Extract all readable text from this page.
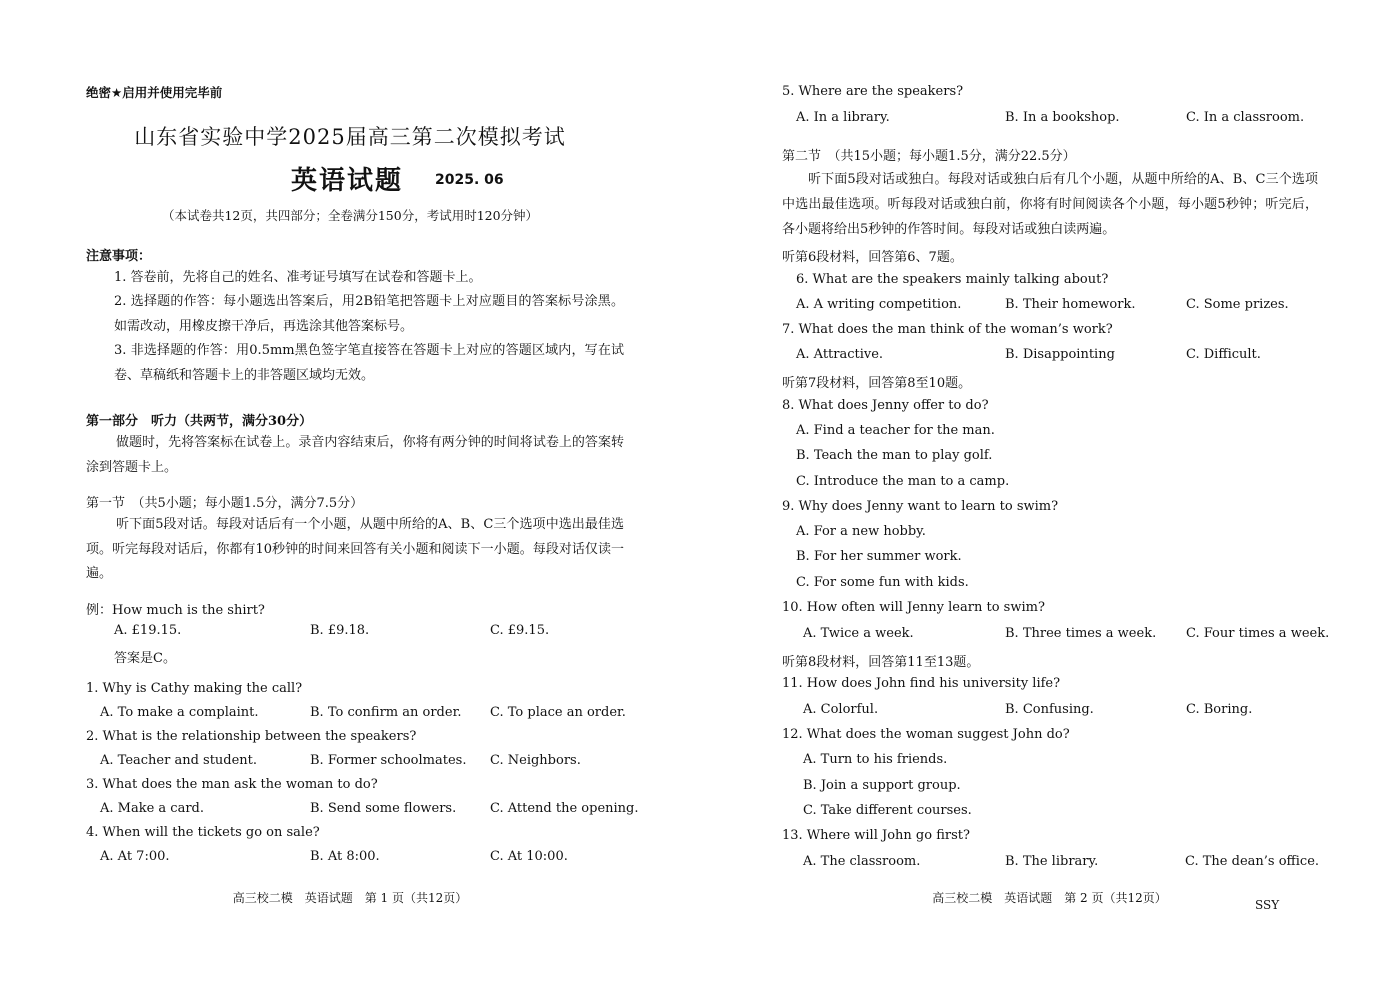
绝密★启用并使用完毕前
山东省实验中学2025届高三第二次模拟考试
英语试题 2025. 06
（本试卷共12页，共四部分；全卷满分150分，考试用时120分钟）
注意事项：
1. 答卷前，先将自己的姓名、准考证号填写在试卷和答题卡上。
2. 选择题的作答：每小题选出答案后，用2B铅笔把答题卡上对应题目的答案标号涂黑。如需改动，用橡皮擦干净后，再选涂其他答案标号。
3. 非选择题的作答：用0.5mm黑色签字笔直接答在答题卡上对应的答题区域内，写在试卷、草稿纸和答题卡上的非答题区域均无效。
第一部分　听力（共两节，满分30分）
做题时，先将答案标在试卷上。录音内容结束后，你将有两分钟的时间将试卷上的答案转涂到答题卡上。
第一节　（共5小题；每小题1.5分，满分7.5分）
听下面5段对话。每段对话后有一个小题，从题中所给的A、B、C三个选项中选出最佳选项。听完每段对话后，你都有10秒钟的时间来回答有关小题和阅读下一小题。每段对话仅读一遍。
例：How much is the shirt?
A. £19.15.	B. £9.18.	C. £9.15.
答案是C。
1. Why is Cathy making the call?
A. To make a complaint.	B. To confirm an order. C. To place an order.
2. What is the relationship between the speakers?
A. Teacher and student.	B. Former schoolmates. C. Neighbors.
3. What does the man ask the woman to do?
A. Make a card.	B. Send some flowers.	C. Attend the opening.
4. When will the tickets go on sale?
A. At 7:00.	B. At 8:00.	C. At 10:00.
高三校二模　英语试题　第 1 页（共12页）
5. Where are the speakers?
A. In a library.	B. In a bookshop.	C. In a classroom.
第二节　（共15小题；每小题1.5分，满分22.5分）
听下面5段对话或独白。每段对话或独白后有几个小题，从题中所给的A、B、C三个选项中选出最佳选项。听每段对话或独白前，你将有时间阅读各个小题，每小题5秒钟；听完后，各小题将给出5秒钟的作答时间。每段对话或独白读两遍。
听第6段材料，回答第6、7题。
6. What are the speakers mainly talking about?
A. A writing competition.	B. Their homework.	C. Some prizes.
7. What does the man think of the woman’s work?
A. Attractive.	B. Disappointing	C. Difficult.
听第7段材料，回答第8至10题。
8. What does Jenny offer to do?
A. Find a teacher for the man.
B. Teach the man to play golf.
C. Introduce the man to a camp.
9. Why does Jenny want to learn to swim?
A. For a new hobby.
B. For her summer work.
C. For some fun with kids.
10. How often will Jenny learn to swim?
A. Twice a week.	B. Three times a week. C. Four times a week.
听第8段材料，回答第11至13题。
11. How does John find his university life?
A. Colorful.	B. Confusing.	C. Boring.
12. What does the woman suggest John do?
A. Turn to his friends.
B. Join a support group.
C. Take different courses.
13. Where will John go first?
A. The classroom.	B. The library.	C. The dean’s office.
高三校二模　英语试题　第 2 页（共12页）	SSY
